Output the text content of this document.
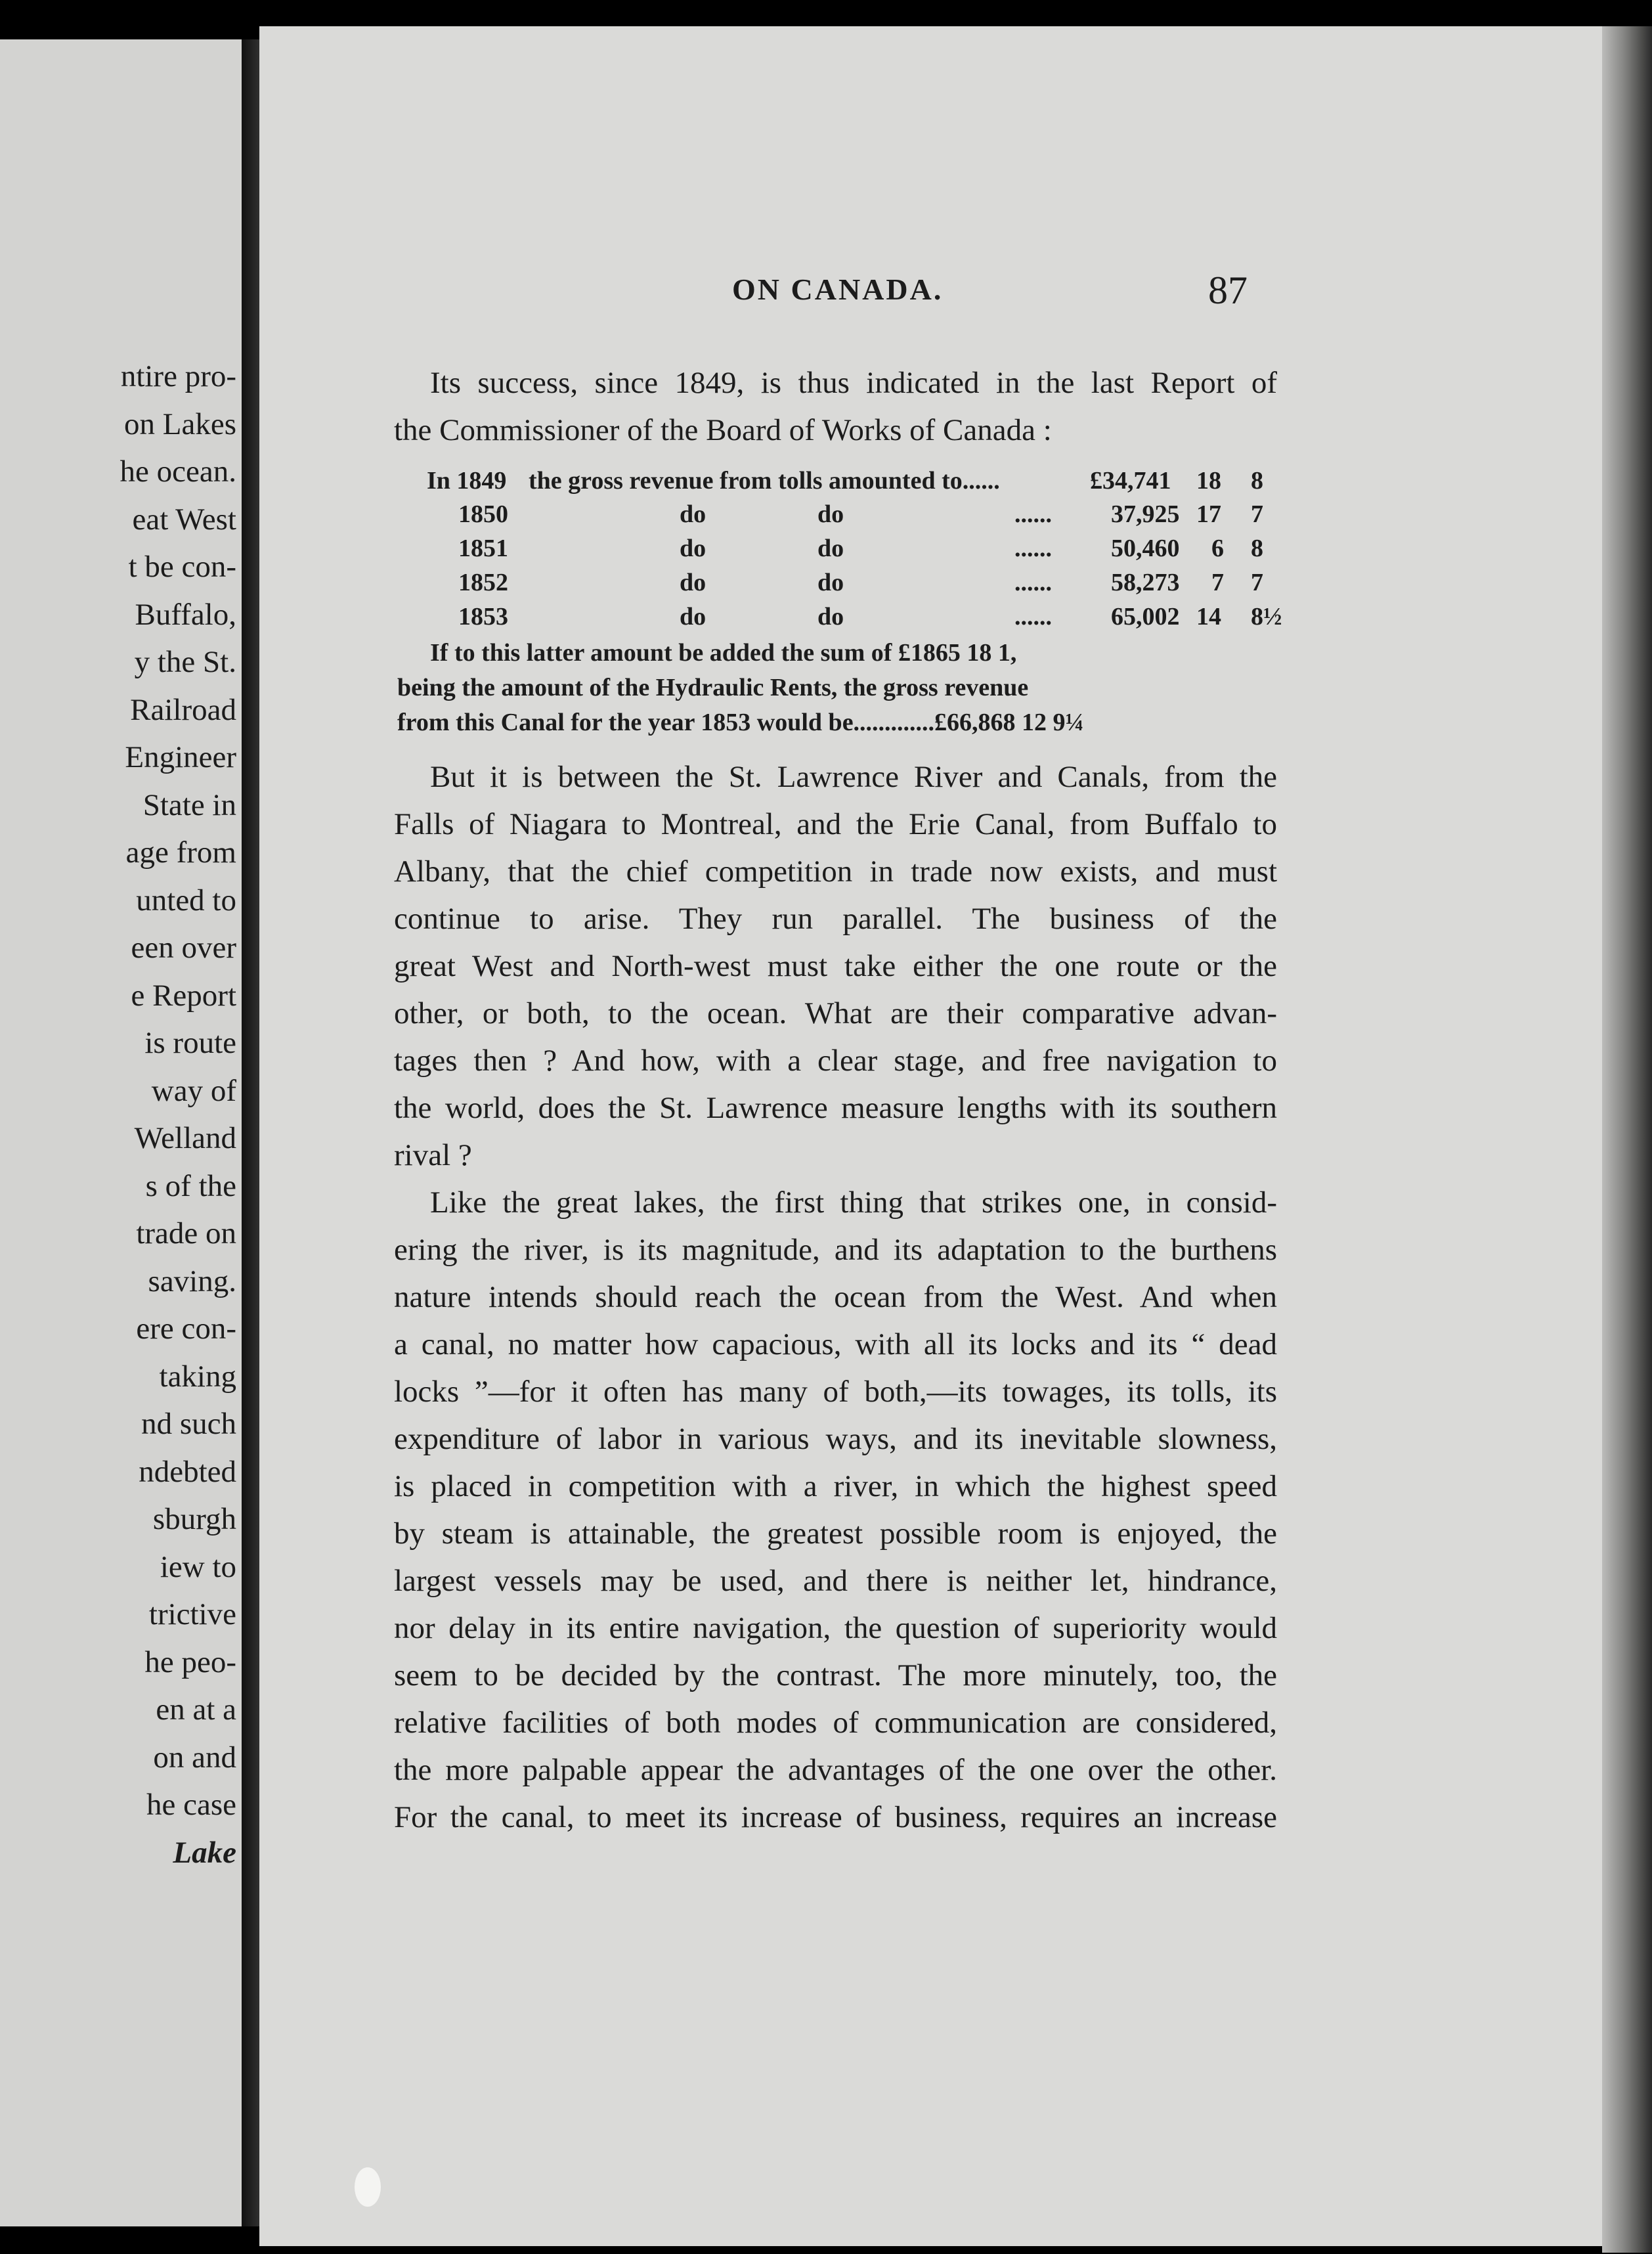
ntire pro-
on Lakes
he ocean.
eat West
t be con-
Buffalo,
y the St.
Railroad
Engineer
State in
age from
unted to
een over
e Report
is route
way of
Welland
s of the
trade on
saving.
ere con-
taking
nd such
ndebted
sburgh
iew to
trictive
he peo-
en at a
on and
he case
Lake
ON CANADA.	87
Its success, since 1849, is thus indicated in the last Report of
the Commissioner of the Board of Works of Canada :
In 1849 the gross revenue from tolls amounted to......	£34,741 18 8
1850	do	do	...... 37,925 17 7
1851	do	do	...... 50,460 6 8
1852	do	do	...... 58,273 7 7
1853	do	do	...... 65,002 14 8½
If to this latter amount be added the sum of £1865 18 1,
being the amount of the Hydraulic Rents, the gross revenue
from this Canal for the year 1853 would be.............£66,868 12 9¼
But it is between the St. Lawrence River and Canals, from the
Falls of Niagara to Montreal, and the Erie Canal, from Buffalo to
Albany, that the chief competition in trade now exists, and must
continue to arise. They run parallel. The business of the
great West and North-west must take either the one route or the
other, or both, to the ocean. What are their comparative advan-
tages then ? And how, with a clear stage, and free navigation to
the world, does the St. Lawrence measure lengths with its southern
rival ?
Like the great lakes, the first thing that strikes one, in consid-
ering the river, is its magnitude, and its adaptation to the burthens
nature intends should reach the ocean from the West. And when
a canal, no matter how capacious, with all its locks and its “ dead
locks ”—for it often has many of both,—its towages, its tolls, its
expenditure of labor in various ways, and its inevitable slowness,
is placed in competition with a river, in which the highest speed
by steam is attainable, the greatest possible room is enjoyed, the
largest vessels may be used, and there is neither let, hindrance,
nor delay in its entire navigation, the question of superiority would
seem to be decided by the contrast. The more minutely, too, the
relative facilities of both modes of communication are considered,
the more palpable appear the advantages of the one over the other.
For the canal, to meet its increase of business, requires an increase
